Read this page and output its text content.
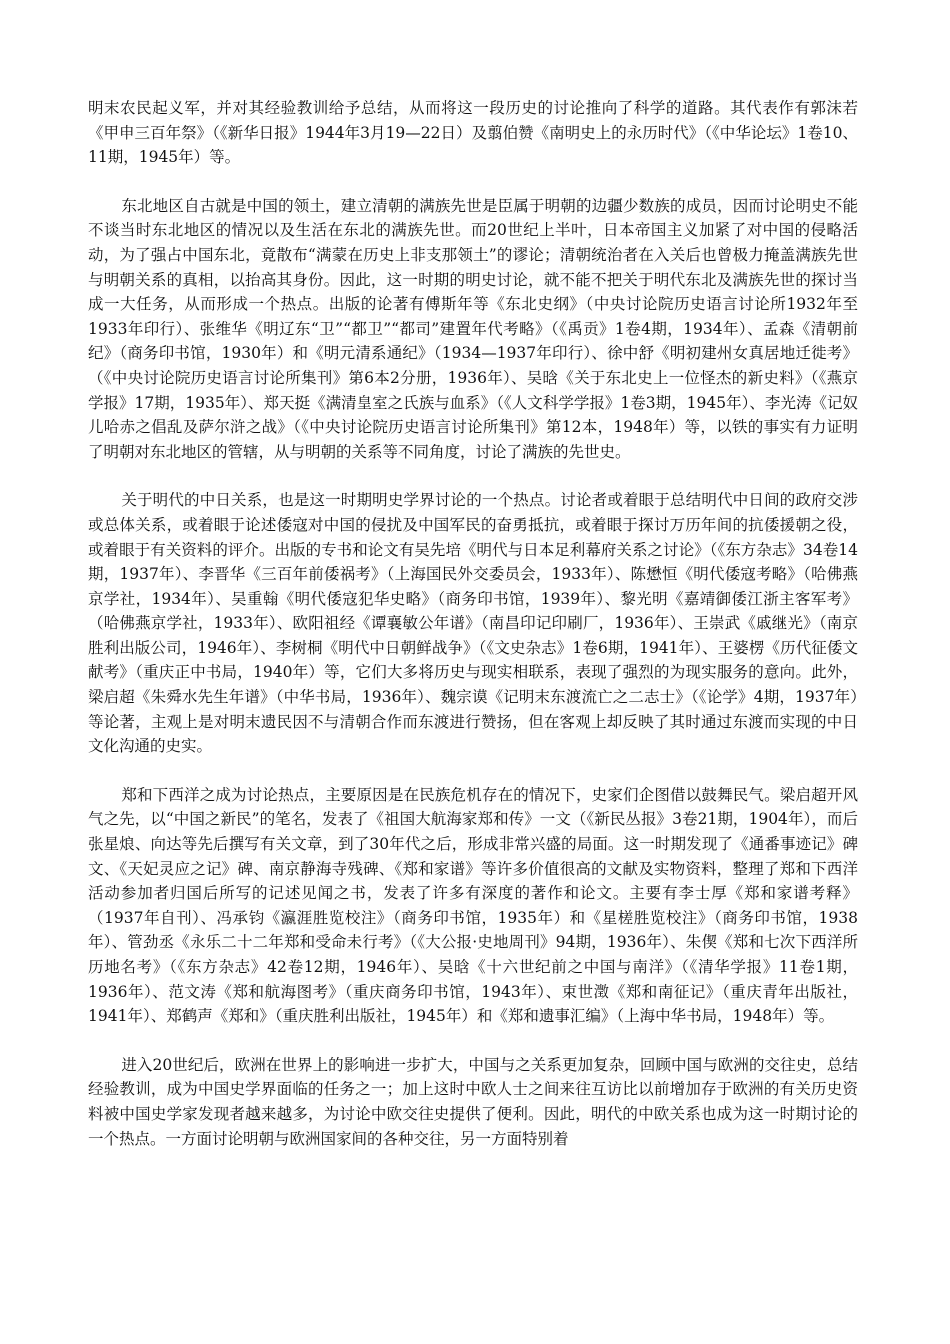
明末农民起义军，并对其经验教训给予总结，从而将这一段历史的讨论推向了科学的道路。其代表作有郭沫若《甲申三百年祭》（《新华日报》1944年3月19—22日）及翦伯赞《南明史上的永历时代》（《中华论坛》1卷10、11期，1945年）等。

东北地区自古就是中国的领土，建立清朝的满族先世是臣属于明朝的边疆少数族的成员，因而讨论明史不能不谈当时东北地区的情况以及生活在东北的满族先世。而20世纪上半叶，日本帝国主义加紧了对中国的侵略活动，为了强占中国东北，竟散布“满蒙在历史上非支那领土”的谬论；清朝统治者在入关后也曾极力掩盖满族先世与明朝关系的真相，以抬高其身份。因此，这一时期的明史讨论，就不能不把关于明代东北及满族先世的探讨当成一大任务，从而形成一个热点。出版的论著有傅斯年等《东北史纲》（中央讨论院历史语言讨论所1932年至1933年印行）、张维华《明辽东“卫”“都卫”“都司”建置年代考略》（《禹贡》1卷4期，1934年）、孟森《清朝前纪》（商务印书馆，1930年）和《明元清系通纪》（1934—1937年印行）、徐中舒《明初建州女真居地迁徙考》（《中央讨论院历史语言讨论所集刊》第6本2分册，1936年）、吴晗《关于东北史上一位怪杰的新史料》（《燕京学报》17期，1935年）、郑天挺《满清皇室之氏族与血系》（《人文科学学报》1卷3期，1945年）、李光涛《记奴儿哈赤之倡乱及萨尔浒之战》（《中央讨论院历史语言讨论所集刊》第12本，1948年）等，以铁的事实有力证明了明朝对东北地区的管辖，从与明朝的关系等不同角度，讨论了满族的先世史。

关于明代的中日关系，也是这一时期明史学界讨论的一个热点。讨论者或着眼于总结明代中日间的政府交涉或总体关系，或着眼于论述倭寇对中国的侵扰及中国军民的奋勇抵抗，或着眼于探讨万历年间的抗倭援朝之役，或着眼于有关资料的评介。出版的专书和论文有吴先培《明代与日本足利幕府关系之讨论》（《东方杂志》34卷14期，1937年）、李晋华《三百年前倭祸考》（上海国民外交委员会，1933年）、陈懋恒《明代倭寇考略》（哈佛燕京学社，1934年）、吴重翰《明代倭寇犯华史略》（商务印书馆，1939年）、黎光明《嘉靖御倭江浙主客军考》（哈佛燕京学社，1933年）、欧阳祖经《谭襄敏公年谱》（南昌印记印刷厂，1936年）、王崇武《戚继光》（南京胜利出版公司，1946年）、李树桐《明代中日朝鲜战争》（《文史杂志》1卷6期，1941年）、王婆楞《历代征倭文献考》（重庆正中书局，1940年）等，它们大多将历史与现实相联系，表现了强烈的为现实服务的意向。此外，梁启超《朱舜水先生年谱》（中华书局，1936年）、魏宗谟《记明末东渡流亡之二志士》（《论学》4期，1937年）等论著，主观上是对明末遗民因不与清朝合作而东渡进行赞扬，但在客观上却反映了其时通过东渡而实现的中日文化沟通的史实。

郑和下西洋之成为讨论热点，主要原因是在民族危机存在的情况下，史家们企图借以鼓舞民气。梁启超开风气之先，以“中国之新民”的笔名，发表了《祖国大航海家郑和传》一文（《新民丛报》3卷21期，1904年），而后张星烺、向达等先后撰写有关文章，到了30年代之后，形成非常兴盛的局面。这一时期发现了《通番事迹记》碑文、《天妃灵应之记》碑、南京静海寺残碑、《郑和家谱》等许多价值很高的文献及实物资料，整理了郑和下西洋活动参加者归国后所写的记述见闻之书，发表了许多有深度的著作和论文。主要有李士厚《郑和家谱考释》（1937年自刊）、冯承钧《瀛涯胜览校注》（商务印书馆，1935年）和《星槎胜览校注》（商务印书馆，1938年）、管劲丞《永乐二十二年郑和受命未行考》（《大公报·史地周刊》94期，1936年）、朱偰《郑和七次下西洋所历地名考》（《东方杂志》42卷12期，1946年）、吴晗《十六世纪前之中国与南洋》（《清华学报》11卷1期， 1936年）、范文涛《郑和航海图考》（重庆商务印书馆，1943年）、束世澂《郑和南征记》（重庆青年出版社，1941年）、郑鹤声《郑和》（重庆胜利出版社，1945年）和《郑和遗事汇编》（上海中华书局，1948年）等。

进入20世纪后，欧洲在世界上的影响进一步扩大，中国与之关系更加复杂，回顾中国与欧洲的交往史，总结经验教训，成为中国史学界面临的任务之一；加上这时中欧人士之间来往互访比以前增加存于欧洲的有关历史资料被中国史学家发现者越来越多，为讨论中欧交往史提供了便利。因此，明代的中欧关系也成为这一时期讨论的一个热点。一方面讨论明朝与欧洲国家间的各种交往，另一方面特别着
